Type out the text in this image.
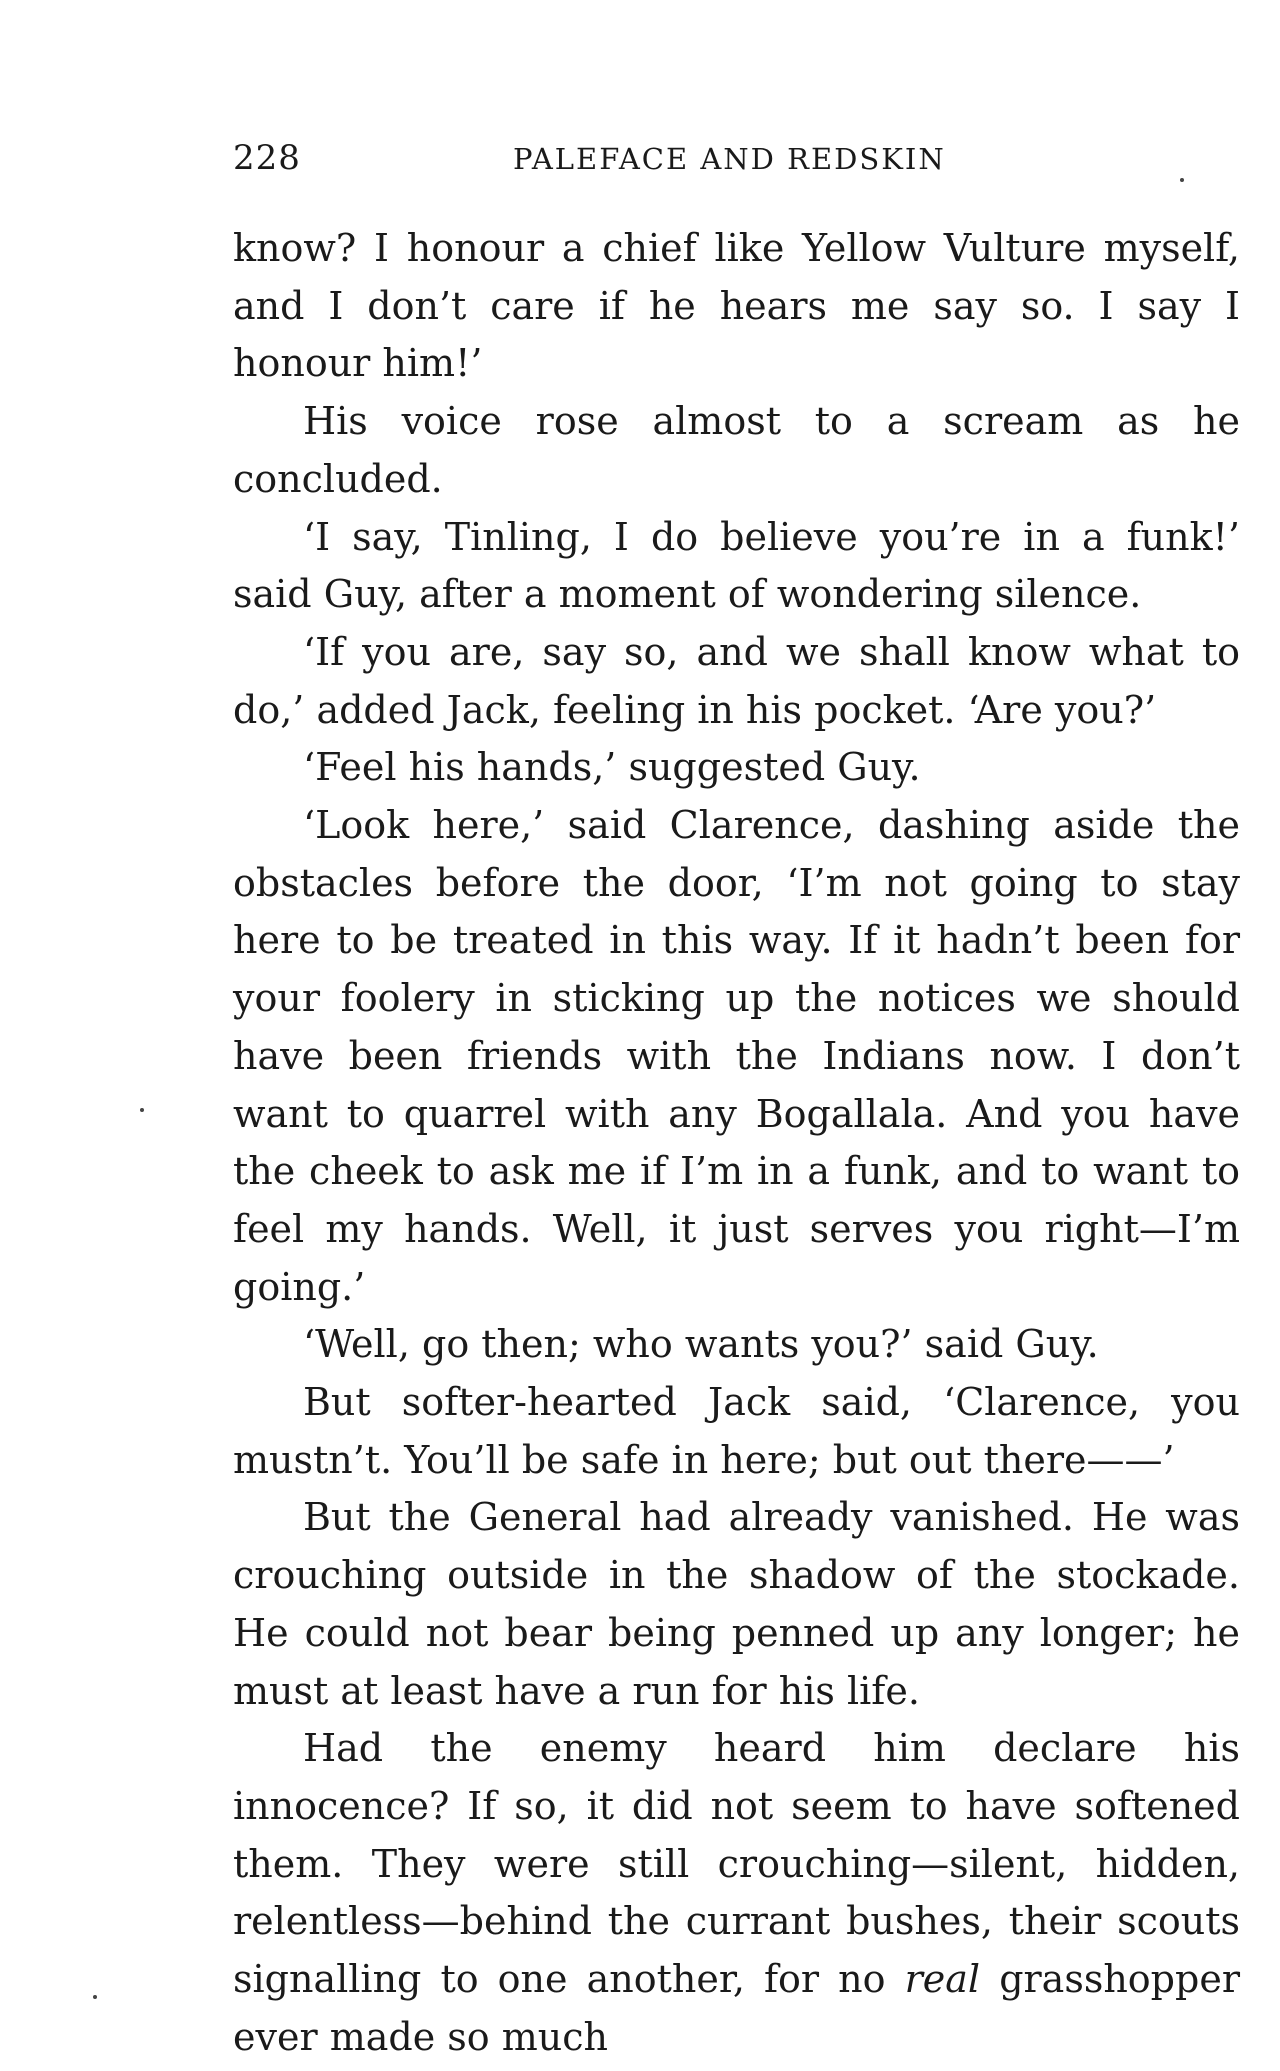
228	PALEFACE AND REDSKIN

know? I honour a chief like Yellow Vulture myself, and I don’t care if he hears me say so. I say I honour him!’

His voice rose almost to a scream as he concluded.

‘I say, Tinling, I do believe you’re in a funk!’ said Guy, after a moment of wondering silence.

‘If you are, say so, and we shall know what to do,’ added Jack, feeling in his pocket. ‘Are you?’

‘Feel his hands,’ suggested Guy.

‘Look here,’ said Clarence, dashing aside the obstacles before the door, ‘I’m not going to stay here to be treated in this way. If it hadn’t been for your foolery in sticking up the notices we should have been friends with the Indians now. I don’t want to quarrel with any Bogallala. And you have the cheek to ask me if I’m in a funk, and to want to feel my hands. Well, it just serves you right—I’m going.’

‘Well, go then; who wants you?’ said Guy.

But softer-hearted Jack said, ‘Clarence, you mustn’t. You’ll be safe in here; but out there——’

But the General had already vanished. He was crouching outside in the shadow of the stockade. He could not bear being penned up any longer; he must at least have a run for his life.

Had the enemy heard him declare his innocence? If so, it did not seem to have softened them. They were still crouching—silent, hidden, relentless—behind the currant bushes, their scouts signalling to one another, for no real grasshopper ever made so much
